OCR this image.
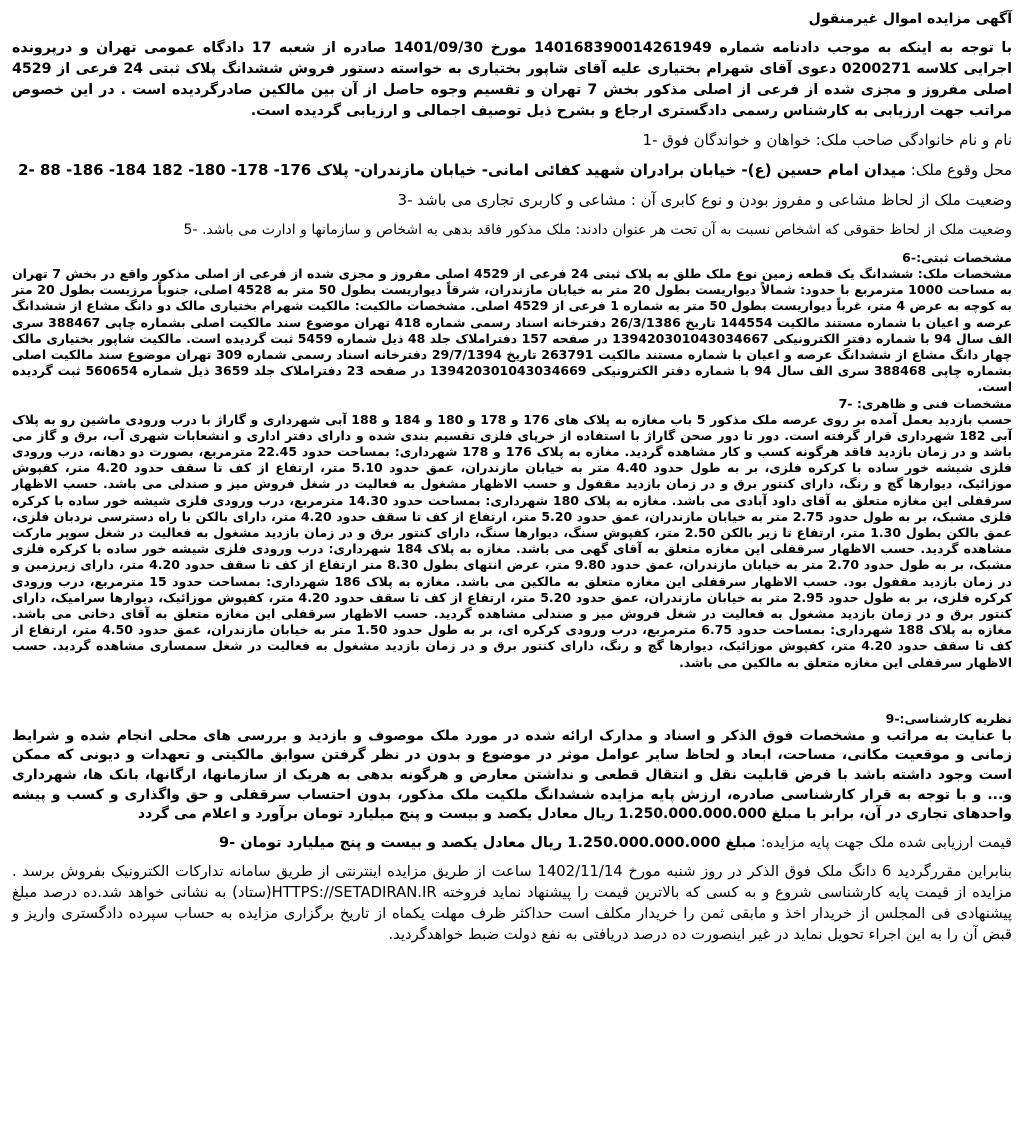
آگهی مزایده اموال غیرمنقول

با توجه به اینکه به موجب دادنامه شماره 140168390014261949 مورخ 1401/09/30 صادره از شعبه 17 دادگاه عمومی تهران و درپرونده اجرایی کلاسه 0200271 دعوی آقای شهرام بختیاری علیه آقای شاپور بختیاری به خواسته دستور فروش ششدانگ پلاک ثبتی 24 فرعی از 4529 اصلی مفروز و مجزی شده از فرعی از اصلی مذکور بخش 7 تهران و تقسیم وجوه حاصل از آن بین مالکین صادرگردیده است . در این خصوص مراتب جهت ارزیابی به کارشناس رسمی دادگستری ارجاع و بشرح ذیل توصیف اجمالی و ارزیابی گردیده است.

نام و نام خانوادگی صاحب ملک: خواهان و خواندگان فوق -1

محل وقوع ملک: میدان امام حسین (ع)- خیابان برادران شهید کفائی امانی- خیابان مازندران- پلاک 176- 178- 180- 182 184- 186- 88 -2

وضعیت ملک از لحاظ مشاعی و مفروز بودن و نوع کابری آن : مشاعی و کاربری تجاری می باشد -3

وضعیت ملک از لحاظ حقوقی که اشخاص نسبت به آن تحت هر عنوان دادند: ملک مذکور فاقد بدهی به اشخاص و سازمانها و ادارت می باشد. -5

مشخصات ثبتی:-6

مشخصات ملک: ششدانگ یک قطعه زمین نوع ملک طلق به پلاک ثبتی 24 فرعی از 4529 اصلی مفروز و مجزی شده از فرعی از اصلی مذکور واقع در بخش 7 تهران به مساحت 1000 مترمربع با حدود: شمالاً دیواریست بطول 20 متر به خیابان مازندران، شرقاً دیواریست بطول 50 متر به 4528 اصلی، جنوباً مرزیست بطول 20 متر به کوچه به عرض 4 متر، غرباً دیواریست بطول 50 متر به شماره 1 فرعی از 4529 اصلی. مشخصات مالکیت: مالکیت شهرام بختیاری مالک دو دانگ مشاع از ششدانگ عرصه و اعیان با شماره مستند مالکیت 144554 تاریخ 26/3/1386 دفترخانه اسناد رسمی شماره 418 تهران موضوع سند مالکیت اصلی بشماره چاپی 388467 سری الف سال 94 با شماره دفتر الکترونیکی 139420301043034667 در صفحه 157 دفتراملاک جلد 48 ذیل شماره 5459 ثبت گردیده است. مالکیت شاپور بختیاری مالک چهار دانگ مشاع از ششدانگ عرصه و اعیان با شماره مستند مالکیت 263791 تاریخ 29/7/1394 دفترخانه اسناد رسمی شماره 309 تهران موضوع سند مالکیت اصلی بشماره چاپی 388468 سری الف سال 94 با شماره دفتر الکترونیکی 139420301043034669 در صفحه 23 دفتراملاک جلد 3659 ذیل شماره 560654 ثبت گردیده است.

مشخصات فنی و ظاهری: -7

حسب بازدید بعمل آمده بر روی عرصه ملک مذکور 5 باب مغازه به پلاک های 176 و 178 و 180 و 184 و 188 آبی شهرداری و گاراژ با درب ورودی ماشین رو به پلاک آبی 182 شهرداری قرار گرفته است. دور تا دور صحن گاراژ با استفاده از خرپای فلزی تقسیم بندی شده و دارای دفتر اداری و انشعابات شهری آب، برق و گاز می باشد و در زمان بازدید فاقد هرگونه کسب و کار مشاهده گردید. مغازه به پلاک 176 و 178 شهرداری: بمساحت حدود 22.45 مترمربع، بصورت دو دهانه، درب ورودی فلزی شیشه خور ساده با کرکره فلزی، بر به طول حدود 4.40 متر به خیابان مازندران، عمق حدود 5.10 متر، ارتفاع از کف تا سقف حدود 4.20 متر، کفپوش موزائیک، دیوارها گچ و رنگ، دارای کنتور برق و در زمان بازدید مقفول و حسب الاظهار مشغول به فعالیت در شغل فروش میز و صندلی می باشد. حسب الاظهار سرقفلی این مغازه متعلق به آقای داود آبادی می باشد. مغازه به پلاک 180 شهرداری: بمساحت حدود 14.30 مترمربع، درب ورودی فلزی شیشه خور ساده با کرکره فلزی مشبک، بر به طول حدود 2.75 متر به خیابان مازندران، عمق حدود 5.20 متر، ارتفاع از کف تا سقف حدود 4.20 متر، دارای بالکن با راه دسترسی نردبان فلزی، عمق بالکن بطول 1.30 متر، ارتفاع تا زیر بالکن 2.50 متر، کفپوش سنگ، دیوارها سنگ، دارای کنتور برق و در زمان بازدید مشغول به فعالیت در شغل سوپر مارکت مشاهده گردید. حسب الاظهار سرقفلی این مغازه متعلق به آقای گهی می باشد. مغازه به پلاک 184 شهرداری: درب ورودی فلزی شیشه خور ساده با کرکره فلزی مشبک، بر به طول حدود 2.70 متر به خیابان مازندران، عمق حدود 9.80 متر، عرض انتهای بطول 8.30 متر ارتفاع از کف تا سقف حدود 4.20 متر، دارای زیرزمین و در زمان بازدید مقفول بود. حسب الاظهار سرقفلی این مغازه متعلق به مالکین می باشد. مغازه به پلاک 186 شهرداری: بمساحت حدود 15 مترمربع، درب ورودی کرکره فلزی، بر به طول حدود 2.95 متر به خیابان مازندران، عمق حدود 5.20 متر، ارتفاع از کف تا سقف حدود 4.20 متر، کفپوش موزائیک، دیوارها سرامیک، دارای کنتور برق و در زمان بازدید مشغول به فعالیت در شغل فروش میز و صندلی مشاهده گردید. حسب الاظهار سرقفلی این مغازه متعلق به آقای دخانی می باشد. مغازه به پلاک 188 شهرداری: بمساحت حدود 6.75 مترمربع، درب ورودی کرکره ای، بر به طول حدود 1.50 متر به خیابان مازندران، عمق حدود 4.50 متر، ارتفاع از کف تا سقف حدود 4.20 متر، کفپوش موزائیک، دیوارها گچ و رنگ، دارای کنتور برق و در زمان بازدید مشغول به فعالیت در شغل سمساری مشاهده گردید. حسب الاظهار سرقفلی این مغازه متعلق به مالکین می باشد.

نظریه کارشناسی:-9

با عنایت به مراتب و مشخصات فوق الذکر و اسناد و مدارک ارائه شده در مورد ملک موصوف و بازدید و بررسی های محلی انجام شده و شرایط زمانی و موقعیت مکانی، مساحت، ابعاد و لحاظ سایر عوامل موثر در موضوع و بدون در نظر گرفتن سوابق مالکیتی و تعهدات و دیونی که ممکن است وجود داشته باشد با فرض قابلیت نقل و انتقال قطعی و نداشتن معارض و هرگونه بدهی به هریک از سازمانها، ارگانها، بانک ها، شهرداری و... و با توجه به قرار کارشناسی صادره، ارزش پایه مزایده ششدانگ ملکیت ملک مذکور، بدون احتساب سرقفلی و حق واگذاری و کسب و پیشه واحدهای تجاری در آن، برابر با مبلغ 1.250.000.000.000 ریال معادل یکصد و بیست و پنج میلیارد تومان برآورد و اعلام می گردد

قیمت ارزیابی شده ملک جهت پایه مزایده: مبلغ 1.250.000.000.000 ریال معادل یکصد و بیست و پنج میلیارد تومان -9

بنابراین مقررگردید 6 دانگ ملک فوق الذکر در روز شنبه مورخ 1402/11/14 ساعت از طریق مزایده اینترنتی از طریق سامانه تدارکات الکترونیک بفروش برسد . مزایده از قیمت پایه کارشناسی شروع و به کسی که بالاترین قیمت را پیشنهاد نماید فروخته HTTPS://SETADIRAN.IR(ستاد) به نشانی خواهد شد.ده درصد مبلغ پیشنهادی فی المجلس از خریدار اخذ و مابقی ثمن را خریدار مکلف است حداکثر ظرف مهلت یکماه از تاریخ برگزاری مزایده به حساب سپرده دادگستری واریز و قبض آن را به این اجراء تحویل نماید در غیر اینصورت ده درصد دریافتی به نفع دولت ضبط خواهدگردید.
